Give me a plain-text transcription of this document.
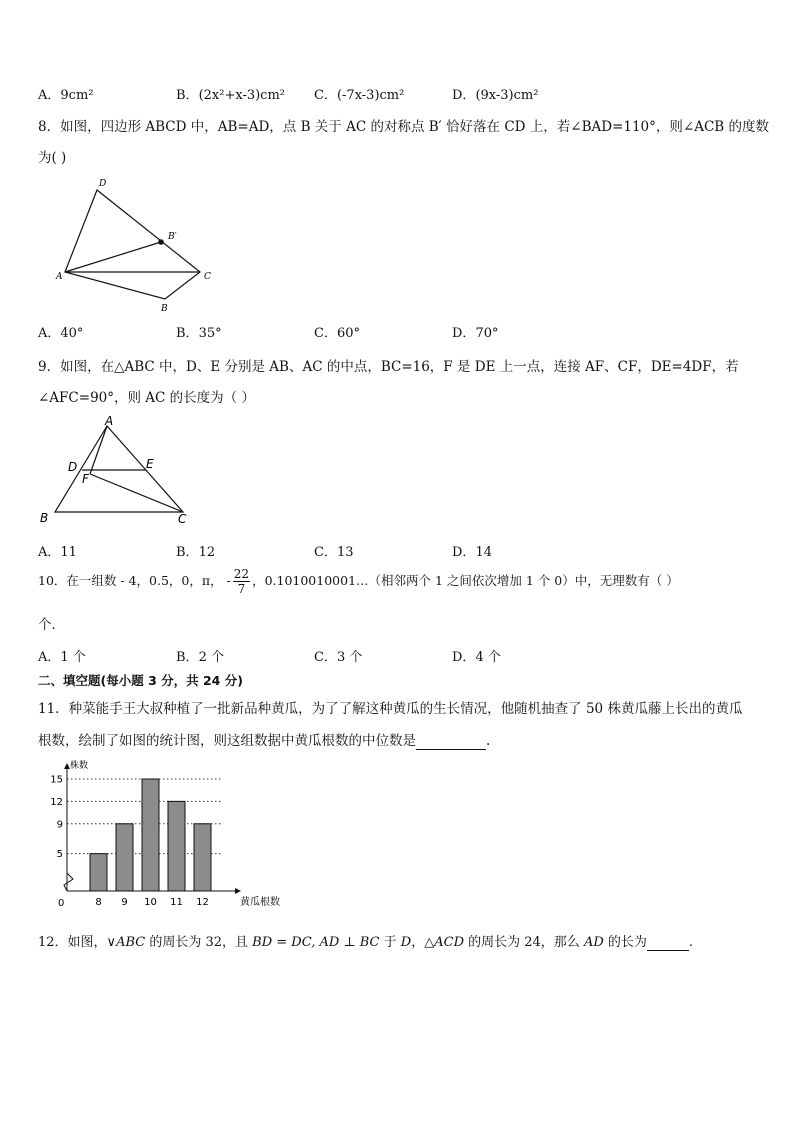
A．9cm²	B．(2x²+x-3)cm² C．(-7x-3)cm²	D．(9x-3)cm²
8．如图，四边形 ABCD 中，AB=AD，点 B 关于 AC 的对称点 B′ 恰好落在 CD 上，若∠BAD=110°，则∠ACB 的度数
为( )
A
D
C
B
B′
A．40°	B．35°	C．60°	D．70°
9．如图，在△ABC 中，D、E 分别是 AB、AC 的中点，BC=16，F 是 DE 上一点，连接 AF、CF，DE=4DF，若
∠AFC=90°，则 AC 的长度为（ ）
A
D	E
F
B	C
A．11	B．12	C．13	D．14
10．在一组数 - 4，0.5，0，π， - $\frac{22}{7}$ ，0.1010010001…（相邻两个 1 之间依次增加 1 个 0）中，无理数有（ ）
个．
A．1 个	B．2 个	C．3 个	D．4 个
二、填空题(每小题 3 分，共 24 分)
11．种菜能手王大叔种植了一批新品种黄瓜，为了了解这种黄瓜的生长情况，他随机抽查了 50 株黄瓜藤上长出的黄瓜
根数，绘制了如图的统计图，则这组数据中黄瓜根数的中位数是	.
5
9
12
15
8 9 10 11 12
株数
黄瓜根数
0
12．如图，∨ABC 的周长为 32，且 BD = DC, AD ⊥ BC 于 D，△ACD 的周长为 24，那么 AD 的长为	.
